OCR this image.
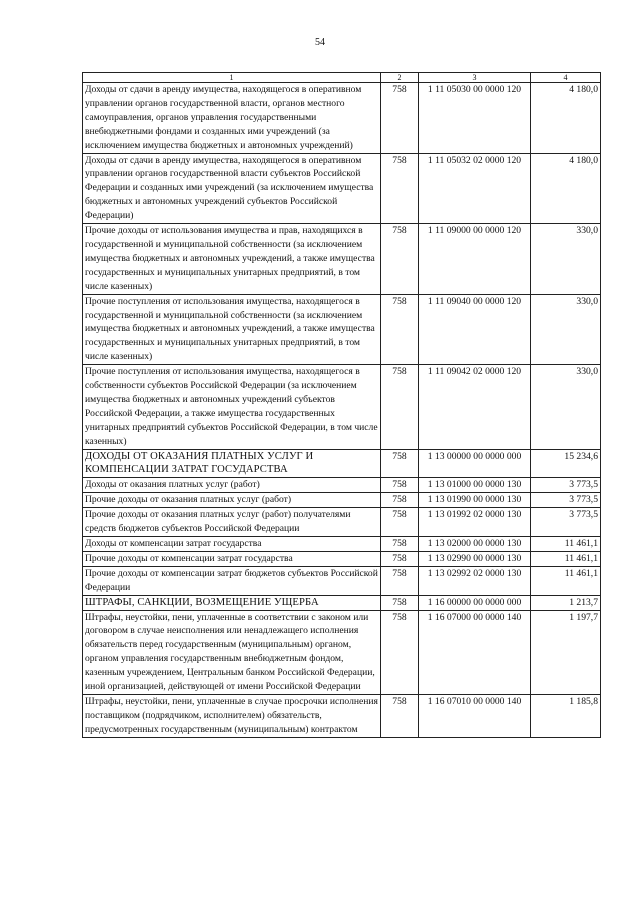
54
1	2	3	4
Доходы от сдачи в аренду имущества, находящегося в оперативном управлении органов государственной власти, органов местного самоуправления, органов управления государственными внебюджетными фондами и созданных ими учреждений (за исключением имущества бюджетных и автономных учреждений)	758	1 11 05030 00 0000 120	4 180,0
Доходы от сдачи в аренду имущества, находящегося в оперативном управлении органов государственной власти субъектов Российской Федерации и созданных ими учреждений (за исключением имущества бюджетных и автономных учреждений субъектов Российской Федерации)	758	1 11 05032 02 0000 120	4 180,0
Прочие доходы от использования имущества и прав, находящихся в государственной и муниципальной собственности (за исключением имущества бюджетных и автономных учреждений, а также имущества государственных и муниципальных унитарных предприятий, в том числе казенных)	758	1 11 09000 00 0000 120	330,0
Прочие поступления от использования имущества, находящегося в государственной и муниципальной собственности (за исключением имущества бюджетных и автономных учреждений, а также имущества государственных и муниципальных унитарных предприятий, в том числе казенных)	758	1 11 09040 00 0000 120	330,0
Прочие поступления от использования имущества, находящегося в собственности субъектов Российской Федерации (за исключением имущества бюджетных и автономных учреждений субъектов Российской Федерации, а также имущества государственных унитарных предприятий субъектов Российской Федерации, в том числе казенных)	758	1 11 09042 02 0000 120	330,0
ДОХОДЫ ОТ ОКАЗАНИЯ ПЛАТНЫХ УСЛУГ И КОМПЕНСАЦИИ ЗАТРАТ ГОСУДАРСТВА	758	1 13 00000 00 0000 000	15 234,6
Доходы от оказания платных услуг (работ)	758	1 13 01000 00 0000 130	3 773,5
Прочие доходы от оказания платных услуг (работ)	758	1 13 01990 00 0000 130	3 773,5
Прочие доходы от оказания платных услуг (работ) получателями средств бюджетов субъектов Российской Федерации	758	1 13 01992 02 0000 130	3 773,5
Доходы от компенсации затрат государства	758	1 13 02000 00 0000 130	11 461,1
Прочие доходы от компенсации затрат государства	758	1 13 02990 00 0000 130	11 461,1
Прочие доходы от компенсации затрат бюджетов субъектов Российской Федерации	758	1 13 02992 02 0000 130	11 461,1
ШТРАФЫ, САНКЦИИ, ВОЗМЕЩЕНИЕ УЩЕРБА	758	1 16 00000 00 0000 000	1 213,7
Штрафы, неустойки, пени, уплаченные в соответствии с законом или договором в случае неисполнения или ненадлежащего исполнения обязательств перед государственным (муниципальным) органом, органом управления государственным внебюджетным фондом, казенным учреждением, Центральным банком Российской Федерации, иной организацией, действующей от имени Российской Федерации	758	1 16 07000 00 0000 140	1 197,7
Штрафы, неустойки, пени, уплаченные в случае просрочки исполнения поставщиком (подрядчиком, исполнителем) обязательств, предусмотренных государственным (муниципальным) контрактом	758	1 16 07010 00 0000 140	1 185,8
